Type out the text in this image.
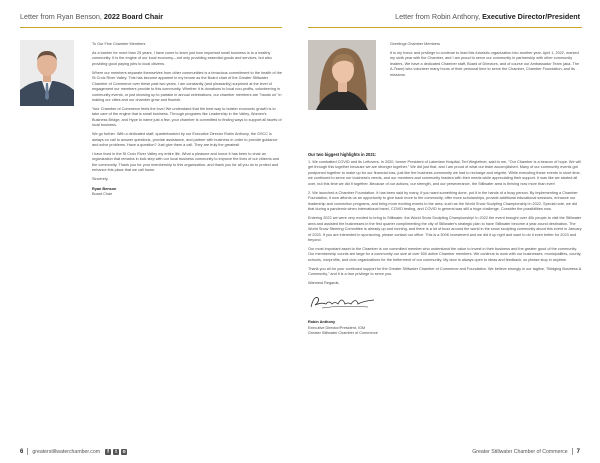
Letter from Ryan Benson, 2022 Board Chair

To Our Fine Chamber Members

As a banker for more than 25 years, I have come to learn just how important small business is to a healthy community. It is the engine of our local economy—not only providing essential goods and services, but also providing good paying jobs to local citizens.

Where our members separate themselves from other communities is a tenacious commitment to the health of the St Croix River Valley. This has become apparent in my tenure as the Board chair of the Greater Stillwater Chamber of Commerce over these past two years. I am constantly (and pleasantly) surprised at the level of engagement our members provide to this community. Whether it is donations to local non-profits, volunteering in community events, or just showing up to partake in annual celebrations, our chamber members are "hands on" in making our cities and our chamber grow and flourish.

Your Chamber of Commerce feels the love! We understand that the best way to bolster economic growth is to take care of the engine that is small business. Through programs like Leadership in the Valley, Women's Business Bridge, and Hype to name just a few, your chamber is committed to finding ways to support all facets of local business.

We go further. With a dedicated staff, quarterbacked by our Executive Director Robin Anthony, the GSCC is always on call to answer questions, provide assistance, and partner with business in order to provide guidance and solve problems. Have a question? Just give them a call. They are truly the greatest!

I have lived in the St Croix River Valley my entire life. What a pleasure and honor it has been to chair an organization that remains in lock step with our local business community to improve the lives of our citizens and the community. Thank you for your membership to this organization- and thank you for all you do to protect and enhance this place that we call home.

Sincerely,

Ryan Benson
Board Chair
6 greaterstillwaterchamber.com	f	t	o
Letter from Robin Anthony, Executive Director/President

Greetings Chamber Members

It is my honor and privilege to continue to lead this futuristic organization into another year. April 1, 2022, marked my sixth year with the Chamber, and I am proud to serve our community in partnership with other community leaders. We have a dedicated Chamber staff, Board of Directors, and of course our Ambassador Team (aka- The A-Team) who volunteer many hours of their personal time to serve the Chamber, Chamber Foundation, and its missions.

Our two biggest highlights in 2021:

1. We combatted COVID and its Leftovers. In 2020, former President of Lakeview Hospital, Ted Wegleitner, said to me, "Our Chamber is a beacon of hope. We will get through this together because we are stronger together." We did just that, and I am proud of what our team accomplished. Many of our community events got postponed together to make up for our financial loss, just like the business community we had to recharge and reignite. While executing these events in short time, we continued to serve our business's needs, and our members and community leaders with their needs while appreciating their support. It was like we started all over, but this time we did it together. Because of our actions, our strength, and our perseverance, the Stillwater area is thriving now more than ever!

2. We launched a Chamber Foundation. It has been said by many, if you want something done, put it in the hands of a busy person. By implementing a Chamber Foundation, it now affords us an opportunity to give back more to the community, offer more scholarships, provide additional educational sessions, enhance our leadership and connection programs, and bring more exciting events to the area, such as the World Snow Sculpting Championship in 2022. Special note, we did that during a pandemic when international travel, COVID testing, and COVID in general was still a huge challenge. Consider the possibilities now.

Entering 2022 we were very excited to bring to Stillwater, the World Snow Sculpting Championship! In 2022 the event brought over 40k people to visit the Stillwater area and assisted the businesses in the first quarter complimenting the city of Stillwater's strategic plan to have Stillwater become a year-round destination. The World Snow Steering Committee is already up and running, and there is a lot of buzz around the world in the snow sculpting community about this event in January of 2023. If you are interested in sponsoring, please contact our office. This is a 300K investment and we did it up right and want to do it even better for 2023 and beyond.

Our most important asset to the Chamber is our committed member who understand the value to invest in their business and the greater good of the community. Our membership counts are large for a community our size at over 500 active Chamber members. We continue to work with our businesses, municipalities, county, schools, nonprofits, and civic organizations for the betterment of our community. My door is always open to ideas and feedback, so please stop in anytime.

Thank you all for your continued support for the Greater Stillwater Chamber of Commerce and Foundation. We believe strongly in our tagline, "Bridging Business & Community," and it is a true privilege to serve you.

Warmest Regards,

Robin Anthony
Executive Director/President, IOM
Greater Stillwater Chamber of Commerce
Greater Stillwater Chamber of Commerce 7
